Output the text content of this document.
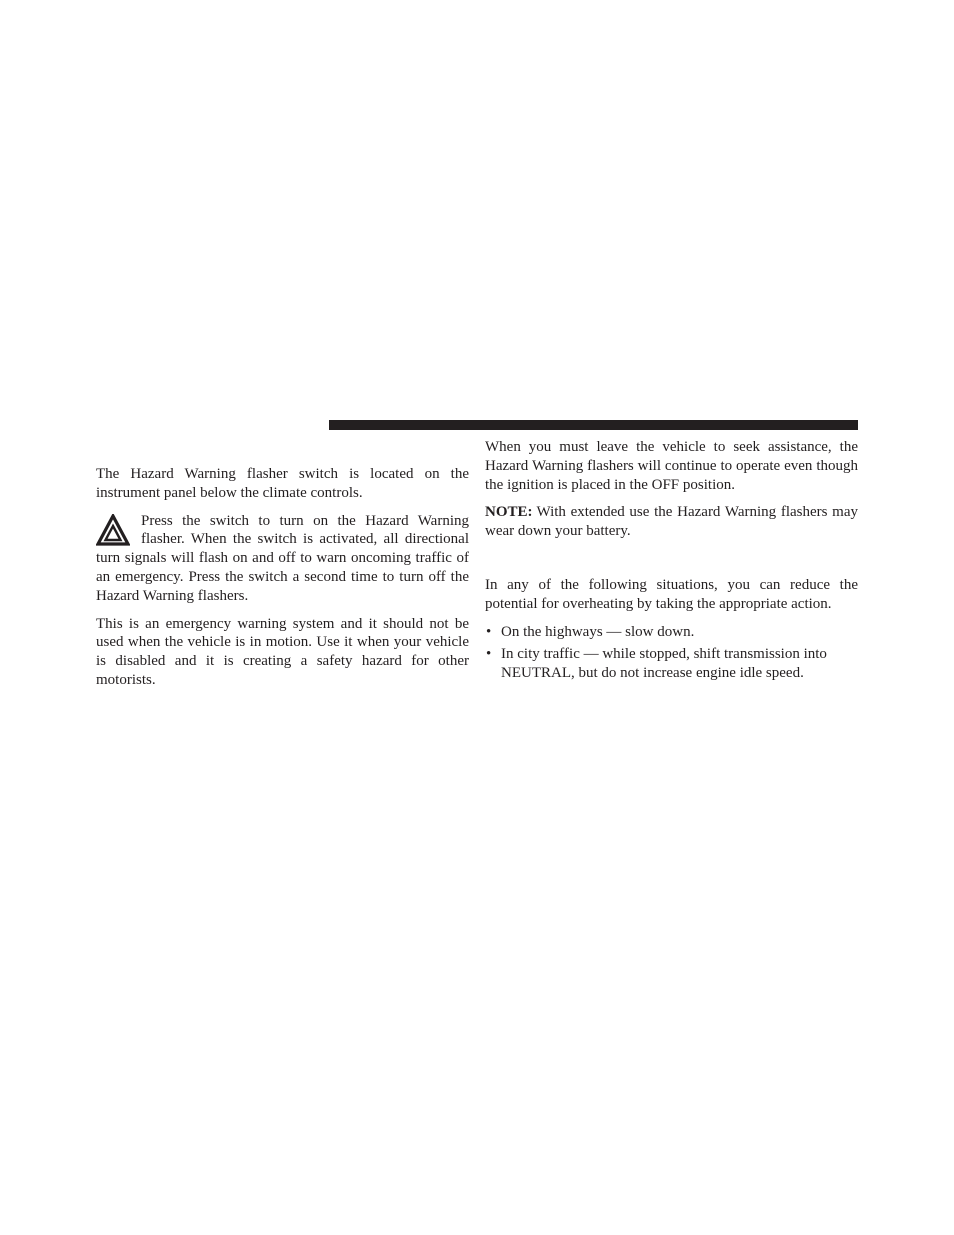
The Hazard Warning flasher switch is located on the instrument panel below the climate controls.

Press the switch to turn on the Hazard Warning flasher. When the switch is activated, all directional turn signals will flash on and off to warn oncoming traffic of an emergency. Press the switch a second time to turn off the Hazard Warning flashers.

This is an emergency warning system and it should not be used when the vehicle is in motion. Use it when your vehicle is disabled and it is creating a safety hazard for other motorists.

When you must leave the vehicle to seek assistance, the Hazard Warning flashers will continue to operate even though the ignition is placed in the OFF position.

NOTE: With extended use the Hazard Warning flashers may wear down your battery.

In any of the following situations, you can reduce the potential for overheating by taking the appropriate action.

• On the highways — slow down.
• In city traffic — while stopped, shift transmission into NEUTRAL, but do not increase engine idle speed.
